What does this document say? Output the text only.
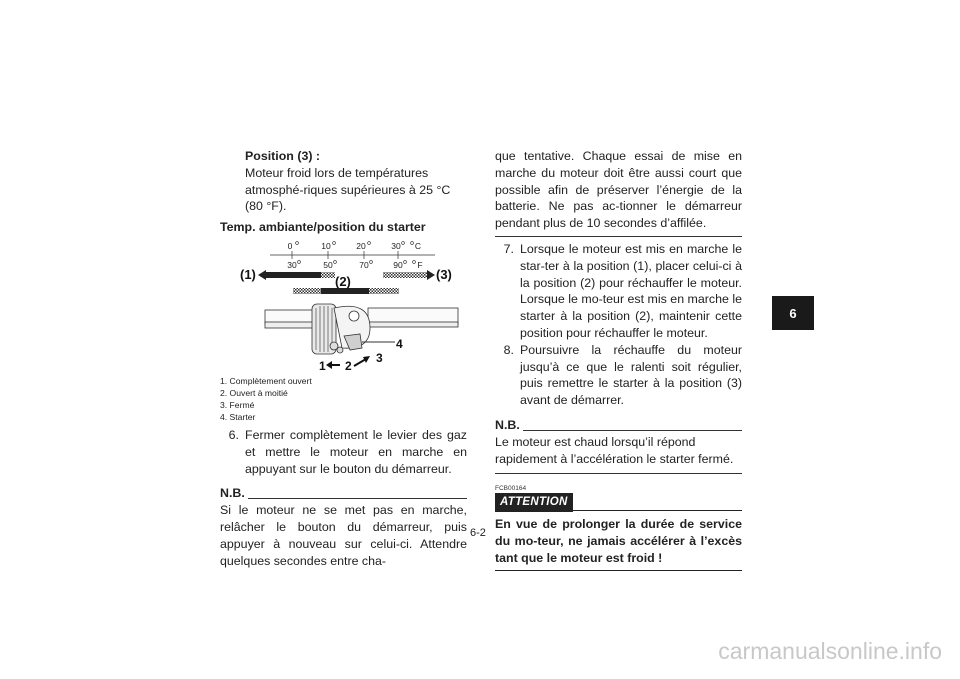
Position (3) :
Moteur froid lors de températures atmosphé-riques supérieures à 25 °C (80 °F).
Temp. ambiante/position du starter
0	10	20	30 C
30	50	70	90 F
(1)	(2)	(3)
4
3
1 2
1. Complètement ouvert
2. Ouvert à moitié
3. Fermé
4. Starter
6. Fermer complètement le levier des gaz et mettre le moteur en marche en appuyant sur le bouton du démarreur.
N.B.
Si le moteur ne se met pas en marche, relâcher le bouton du démarreur, puis appuyer à nouveau sur celui-ci. Attendre quelques secondes entre cha-
que tentative. Chaque essai de mise en marche du moteur doit être aussi court que possible afin de préserver l’énergie de la batterie. Ne pas ac-tionner le démarreur pendant plus de 10 secondes d’affilée.
7. Lorsque le moteur est mis en marche le star-ter à la position (1), placer celui-ci à la position (2) pour réchauffer le moteur. Lorsque le mo-teur est mis en marche le starter à la position (2), maintenir cette position pour réchauffer le moteur.
8. Poursuivre la réchauffe du moteur jusqu’à ce que le ralenti soit régulier, puis remettre le starter à la position (3) avant de démarrer.
N.B.
Le moteur est chaud lorsqu’il répond rapidement à l’accélération le starter fermé.
FCB00164
ATTENTION
En vue de prolonger la durée de service du mo-teur, ne jamais accélérer à l’excès tant que le moteur est froid !
6
6-2
carmanualsonline.info
